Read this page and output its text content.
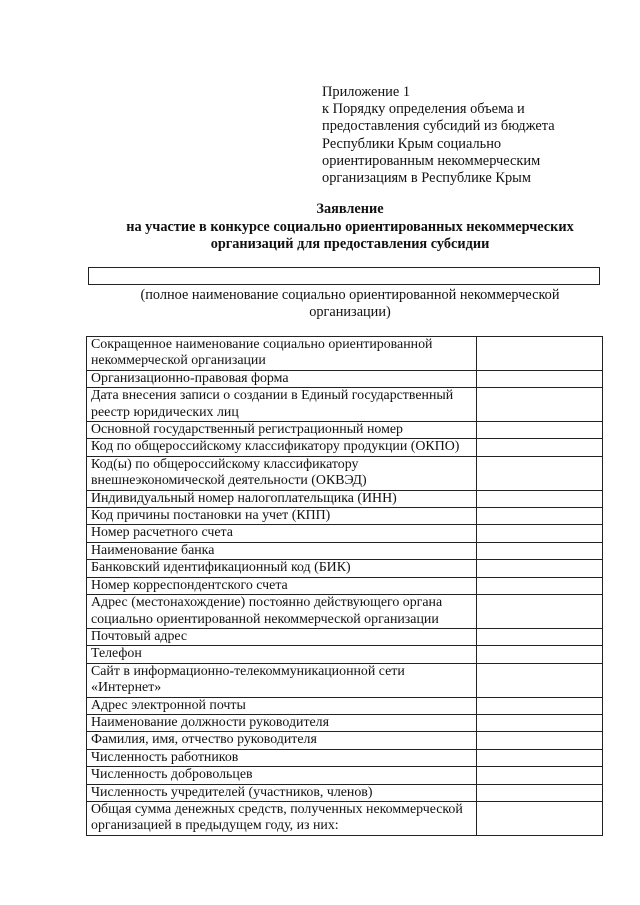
Приложение 1
к Порядку определения объема и
предоставления субсидий из бюджета
Республики Крым социально
ориентированным некоммерческим
организациям в Республике Крым
Заявление
на участие в конкурсе социально ориентированных некоммерческих
организаций для предоставления субсидии
(полное наименование социально ориентированной некоммерческой
организации)
Сокращенное наименование социально ориентированной некоммерческой организации	
Организационно-правовая форма	
Дата внесения записи о создании в Единый государственный реестр юридических лиц	
Основной государственный регистрационный номер	
Код по общероссийскому классификатору продукции (ОКПО)	
Код(ы) по общероссийскому классификатору внешнеэкономической деятельности (ОКВЭД)	
Индивидуальный номер налогоплательщика (ИНН)	
Код причины постановки на учет (КПП)	
Номер расчетного счета	
Наименование банка	
Банковский идентификационный код (БИК)	
Номер корреспондентского счета	
Адрес (местонахождение) постоянно действующего органа социально ориентированной некоммерческой организации	
Почтовый адрес	
Телефон	
Сайт в информационно-телекоммуникационной сети «Интернет»	
Адрес электронной почты	
Наименование должности руководителя	
Фамилия, имя, отчество руководителя	
Численность работников	
Численность добровольцев	
Численность учредителей (участников, членов)	
Общая сумма денежных средств, полученных некоммерческой организацией в предыдущем году, из них:	
